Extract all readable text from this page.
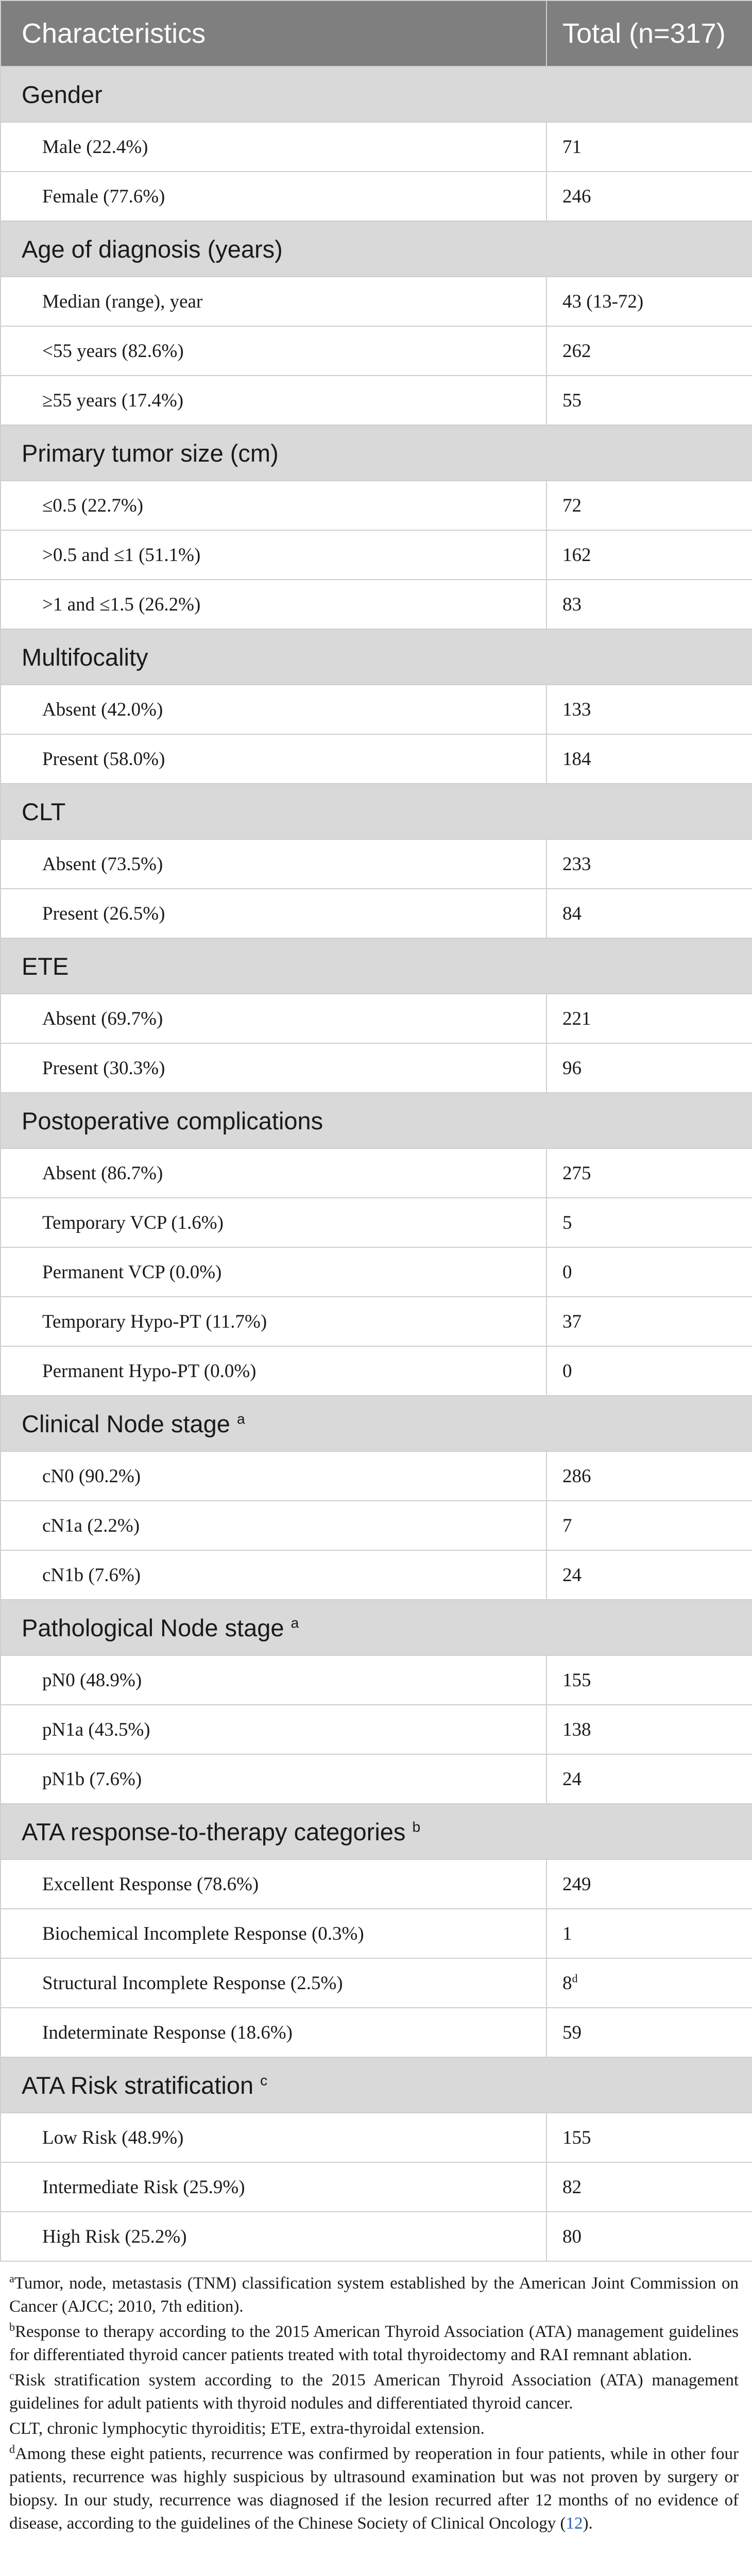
Characteristics	Total (n=317)
Gender	
Male (22.4%)	71
Female (77.6%)	246
Age of diagnosis (years)	
Median (range), year	43 (13-72)
<55 years (82.6%)	262
≥55 years (17.4%)	55
Primary tumor size (cm)	
≤0.5 (22.7%)	72
>0.5 and ≤1 (51.1%)	162
>1 and ≤1.5 (26.2%)	83
Multifocality	
Absent (42.0%)	133
Present (58.0%)	184
CLT	
Absent (73.5%)	233
Present (26.5%)	84
ETE	
Absent (69.7%)	221
Present (30.3%)	96
Postoperative complications	
Absent (86.7%)	275
Temporary VCP (1.6%)	5
Permanent VCP (0.0%)	0
Temporary Hypo-PT (11.7%)	37
Permanent Hypo-PT (0.0%)	0
Clinical Node stage $^a$
cN0 (90.2%)	286
cN1a (2.2%)	7
cN1b (7.6%)	24
Pathological Node stage $^a$
pN0 (48.9%)	155
pN1a (43.5%)	138
pN1b (7.6%)	24
ATA response-to-therapy categories $^b$
Excellent Response (78.6%)	249
Biochemical Incomplete Response (0.3%)	1
Structural Incomplete Response (2.5%)	8$^d$
Indeterminate Response (18.6%)	59
ATA Risk stratification $^c$
Low Risk (48.9%)	155
Intermediate Risk (25.9%)	82
High Risk (25.2%)	80
$^a$Tumor, node, metastasis (TNM) classification system established by the American Joint Commission on Cancer (AJCC; 2010, 7th edition).
$^b$Response to therapy according to the 2015 American Thyroid Association (ATA) management guidelines for differentiated thyroid cancer patients treated with total thyroidectomy and RAI remnant ablation.
$^c$Risk stratification system according to the 2015 American Thyroid Association (ATA) management guidelines for adult patients with thyroid nodules and differentiated thyroid cancer.
CLT, chronic lymphocytic thyroiditis; ETE, extra-thyroidal extension.
$^d$Among these eight patients, recurrence was confirmed by reoperation in four patients, while in other four patients, recurrence was highly suspicious by ultrasound examination but was not proven by surgery or biopsy. In our study, recurrence was diagnosed if the lesion recurred after 12 months of no evidence of disease, according to the guidelines of the Chinese Society of Clinical Oncology (12).
